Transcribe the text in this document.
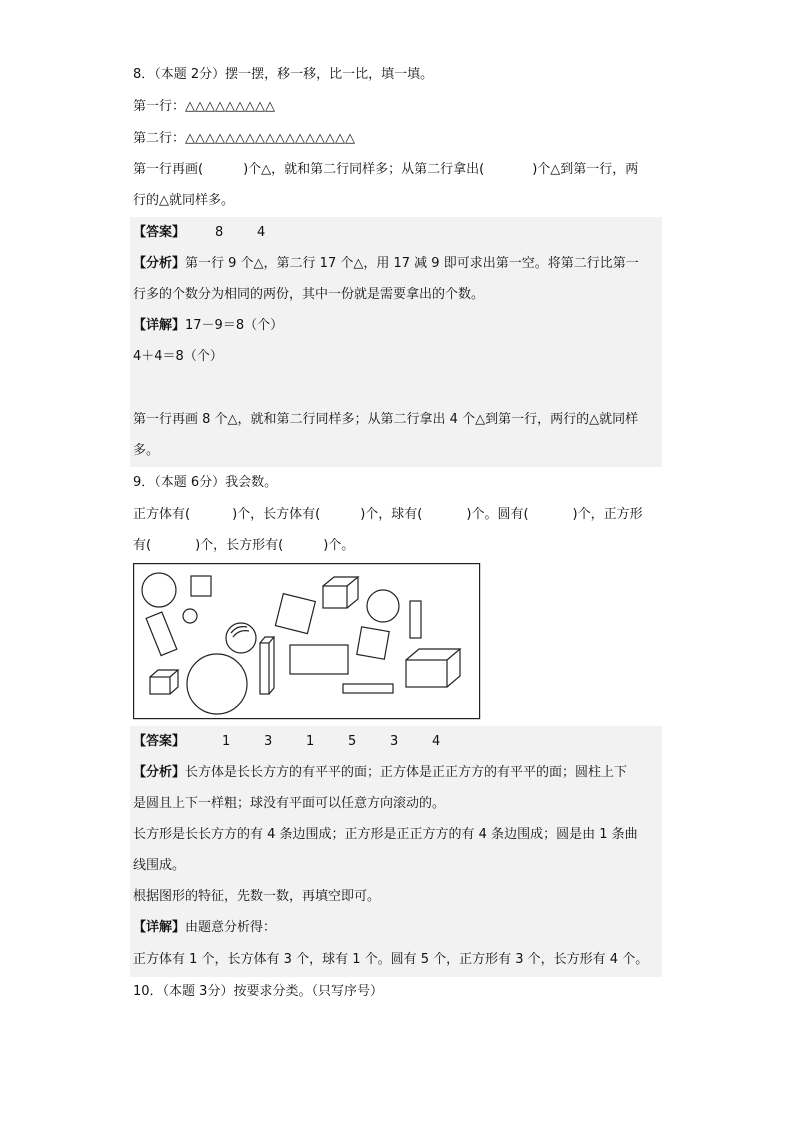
8．（本题 2分）摆一摆，移一移，比一比，填一填。
第一行：△△△△△△△△△
第二行：△△△△△△△△△△△△△△△△△
第一行再画(	)个△，就和第二行同样多；从第二行拿出(	)个△到第一行，两
行的△就同样多。
【答案】 8	4
【分析】第一行 9 个△，第二行 17 个△，用 17 减 9 即可求出第一空。将第二行比第一
行多的个数分为相同的两份，其中一份就是需要拿出的个数。
【详解】17－9＝8（个）
4＋4＝8（个）
第一行再画 8 个△，就和第二行同样多；从第二行拿出 4 个△到第一行，两行的△就同样
多。
9．（本题 6分）我会数。
正方体有(	)个，长方体有(	)个，球有(	)个。圆有(	)个，正方形
有(	)个，长方形有(	)个。
【答案】	1	3	1	5	3	4
【分析】长方体是长长方方的有平平的面；正方体是正正方方的有平平的面；圆柱上下
是圆且上下一样粗；球没有平面可以任意方向滚动的。
长方形是长长方方的有 4 条边围成；正方形是正正方方的有 4 条边围成；圆是由 1 条曲
线围成。
根据图形的特征，先数一数，再填空即可。
【详解】由题意分析得：
正方体有 1 个，长方体有 3 个，球有 1 个。圆有 5 个，正方形有 3 个，长方形有 4 个。
10．（本题 3分）按要求分类。（只写序号）
